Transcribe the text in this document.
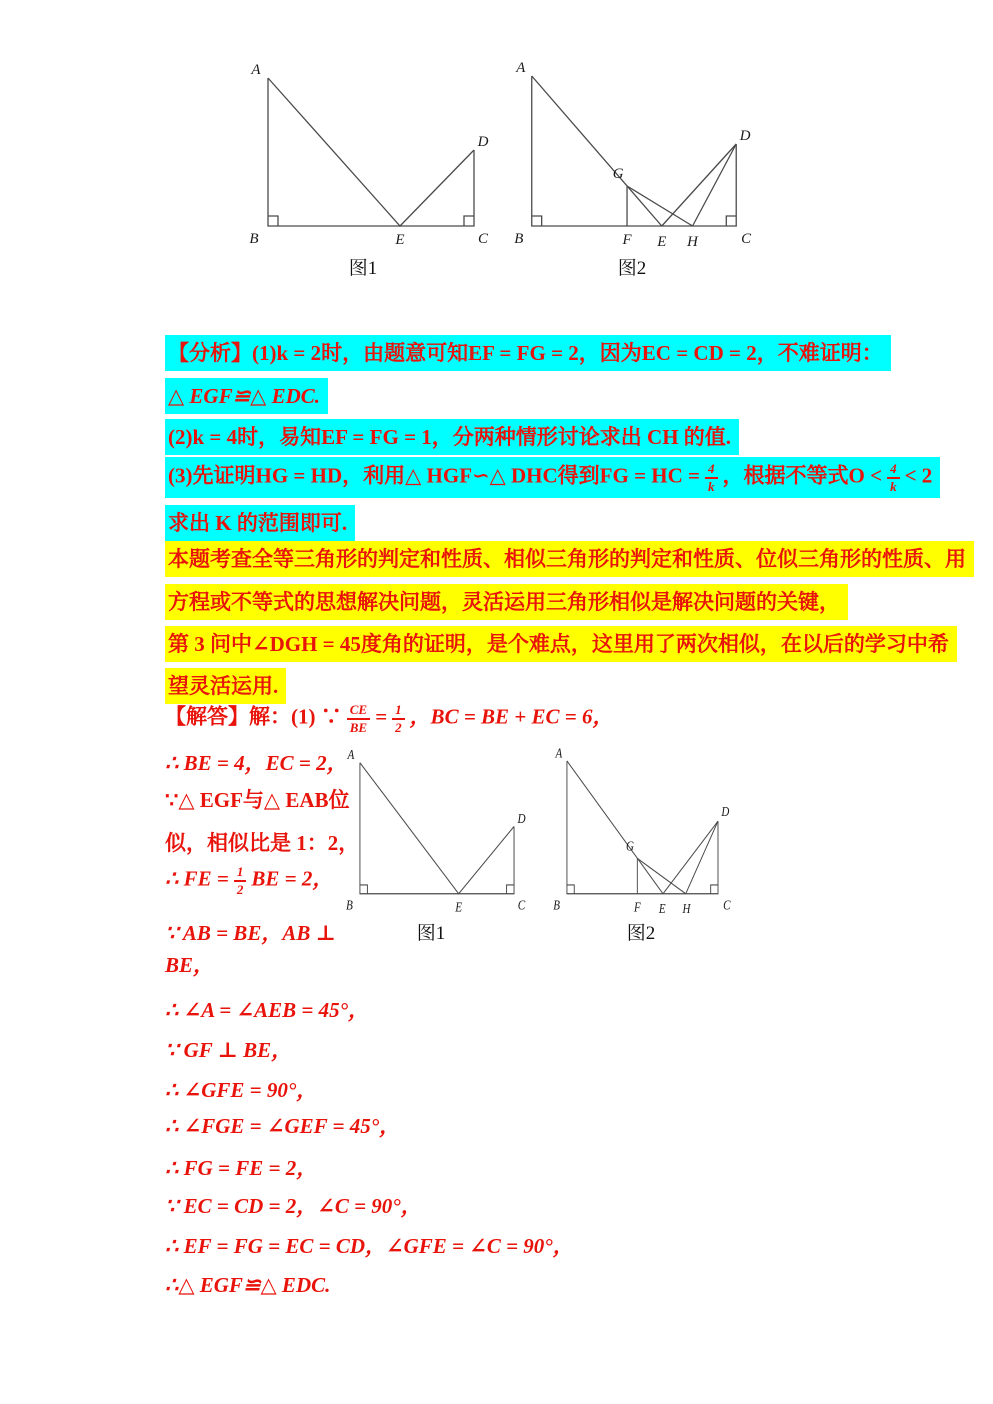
A
B	E	C
D
图1
A
B	F E H	C
D
G
图2
【分析】(1)k = 2时，由题意可知EF = FG = 2，因为EC = CD = 2，不难证明：
△ EGF≌△ EDC.
(2)k = 4时，易知EF = FG = 1，分两种情形讨论求出 CH 的值.
(3)先证明HG = HD，利用△ HGF∽△ DHC得到FG = HC = $\frac{4}{k}$ ，根据不等式$O < \frac{4}{k} < 2$
求出 K 的范围即可.
本题考查全等三角形的判定和性质、相似三角形的判定和性质、位似三角形的性质、用
方程或不等式的思想解决问题，灵活运用三角形相似是解决问题的关键，
第 3 问中∠DGH = 45度角的证明，是个难点，这里用了两次相似，在以后的学习中希
望灵活运用.
【解答】解：(1) ∵ $\frac{CE}{BE} = \frac{1}{2}$ ，BC = BE + EC = 6，
A
B	E	C
D
图1
A
B	F E H C
D
G
图2
∴ BE = 4，EC = 2，
∵△ EGF与△ EAB位
似，相似比是 1：2，
∴ FE = $\frac{1}{2}$ BE = 2，
∵ AB = BE，AB ⊥
BE，
∴ ∠A = ∠AEB = 45°，
∵ GF ⊥ BE，
∴ ∠GFE = 90°，
∴ ∠FGE = ∠GEF = 45°，
∴ FG = FE = 2，
∵ EC = CD = 2，∠C = 90°，
∴ EF = FG = EC = CD，∠GFE = ∠C = 90°，
∴△ EGF≌△ EDC.
